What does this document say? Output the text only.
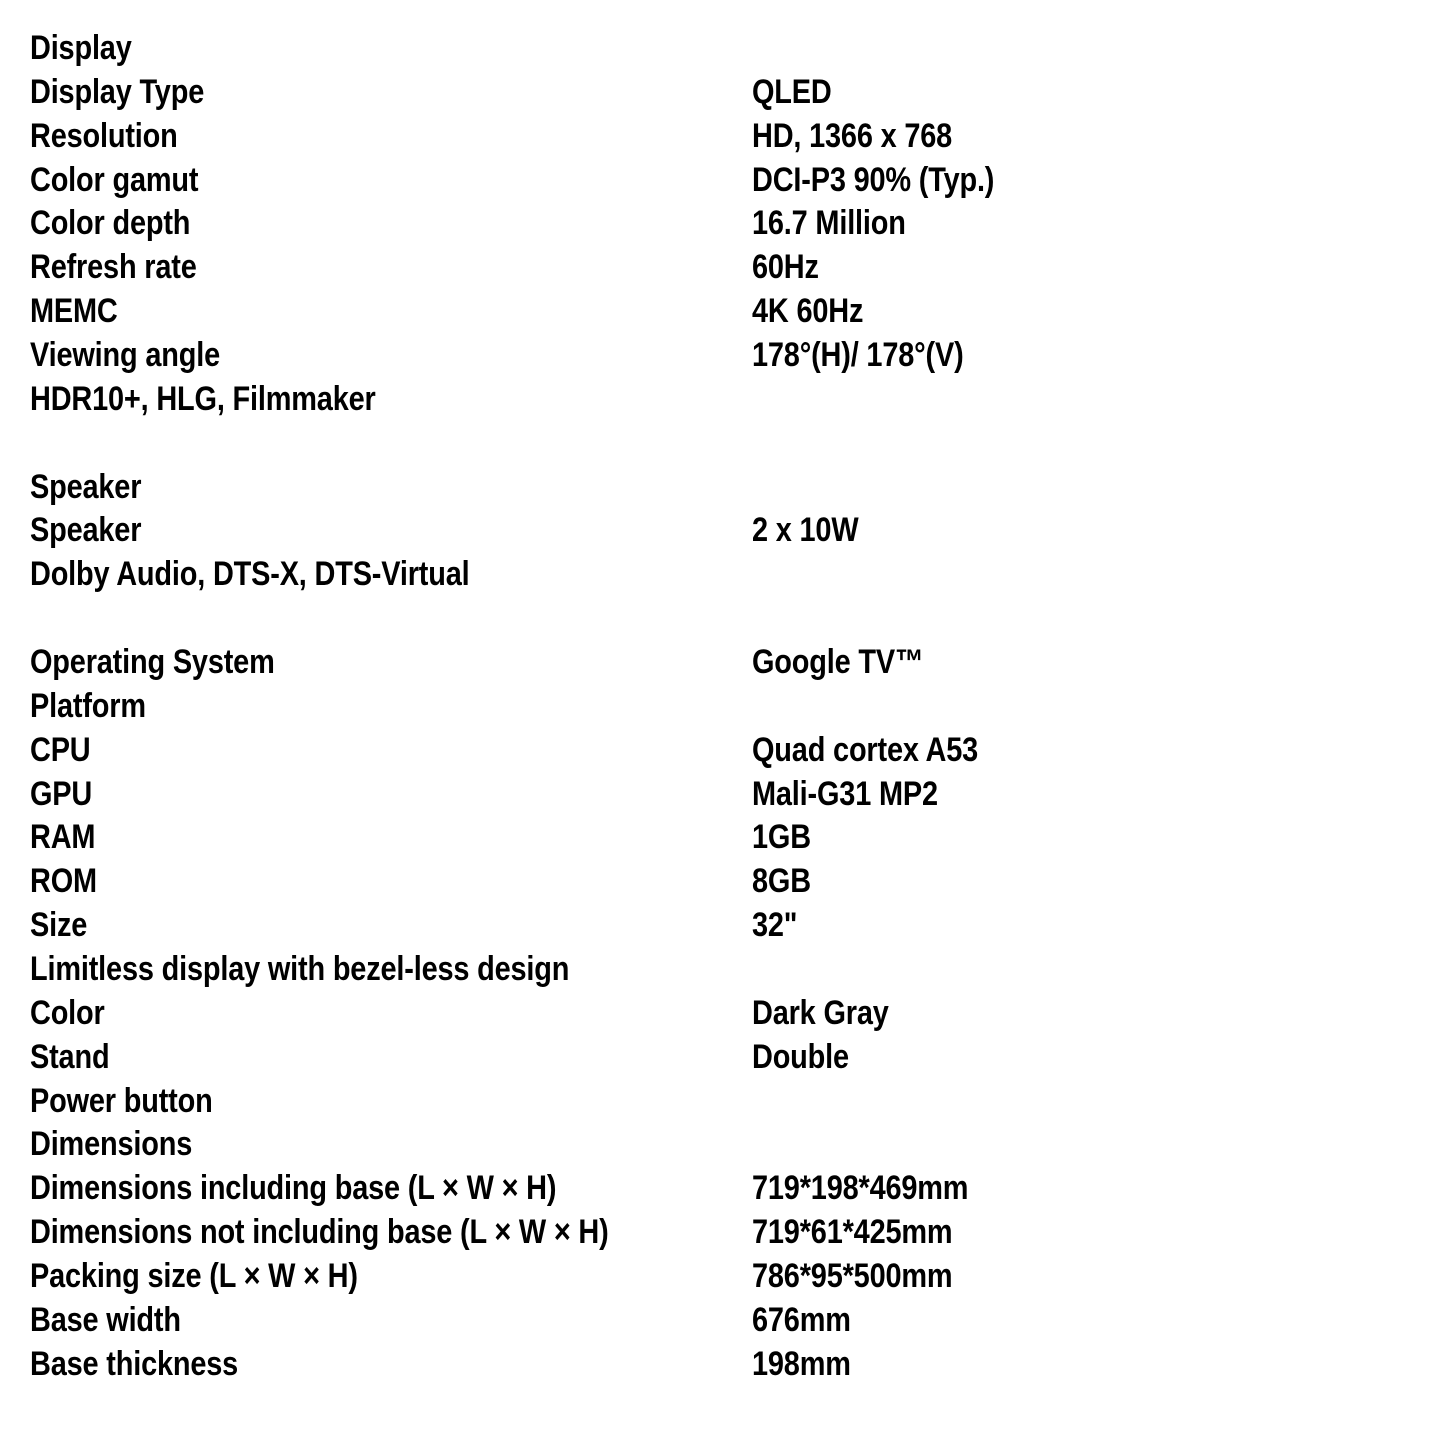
Display
Display Type	QLED
Resolution	HD, 1366 x 768
Color gamut	DCI-P3 90% (Typ.)
Color depth	16.7 Million
Refresh rate	60Hz
MEMC	4K 60Hz
Viewing angle	178°(H)/ 178°(V)
HDR10+, HLG, Filmmaker
Speaker
Speaker	2 x 10W
Dolby Audio, DTS-X, DTS-Virtual
Operating System	Google TV™
Platform
CPU	Quad cortex A53
GPU	Mali-G31 MP2
RAM	1GB
ROM	8GB
Size	32"
Limitless display with bezel-less design
Color	Dark Gray
Stand	Double
Power button
Dimensions
Dimensions including base (L × W × H)	719*198*469mm
Dimensions not including base (L × W × H)	719*61*425mm
Packing size (L × W × H)	786*95*500mm
Base width	676mm
Base thickness	198mm
